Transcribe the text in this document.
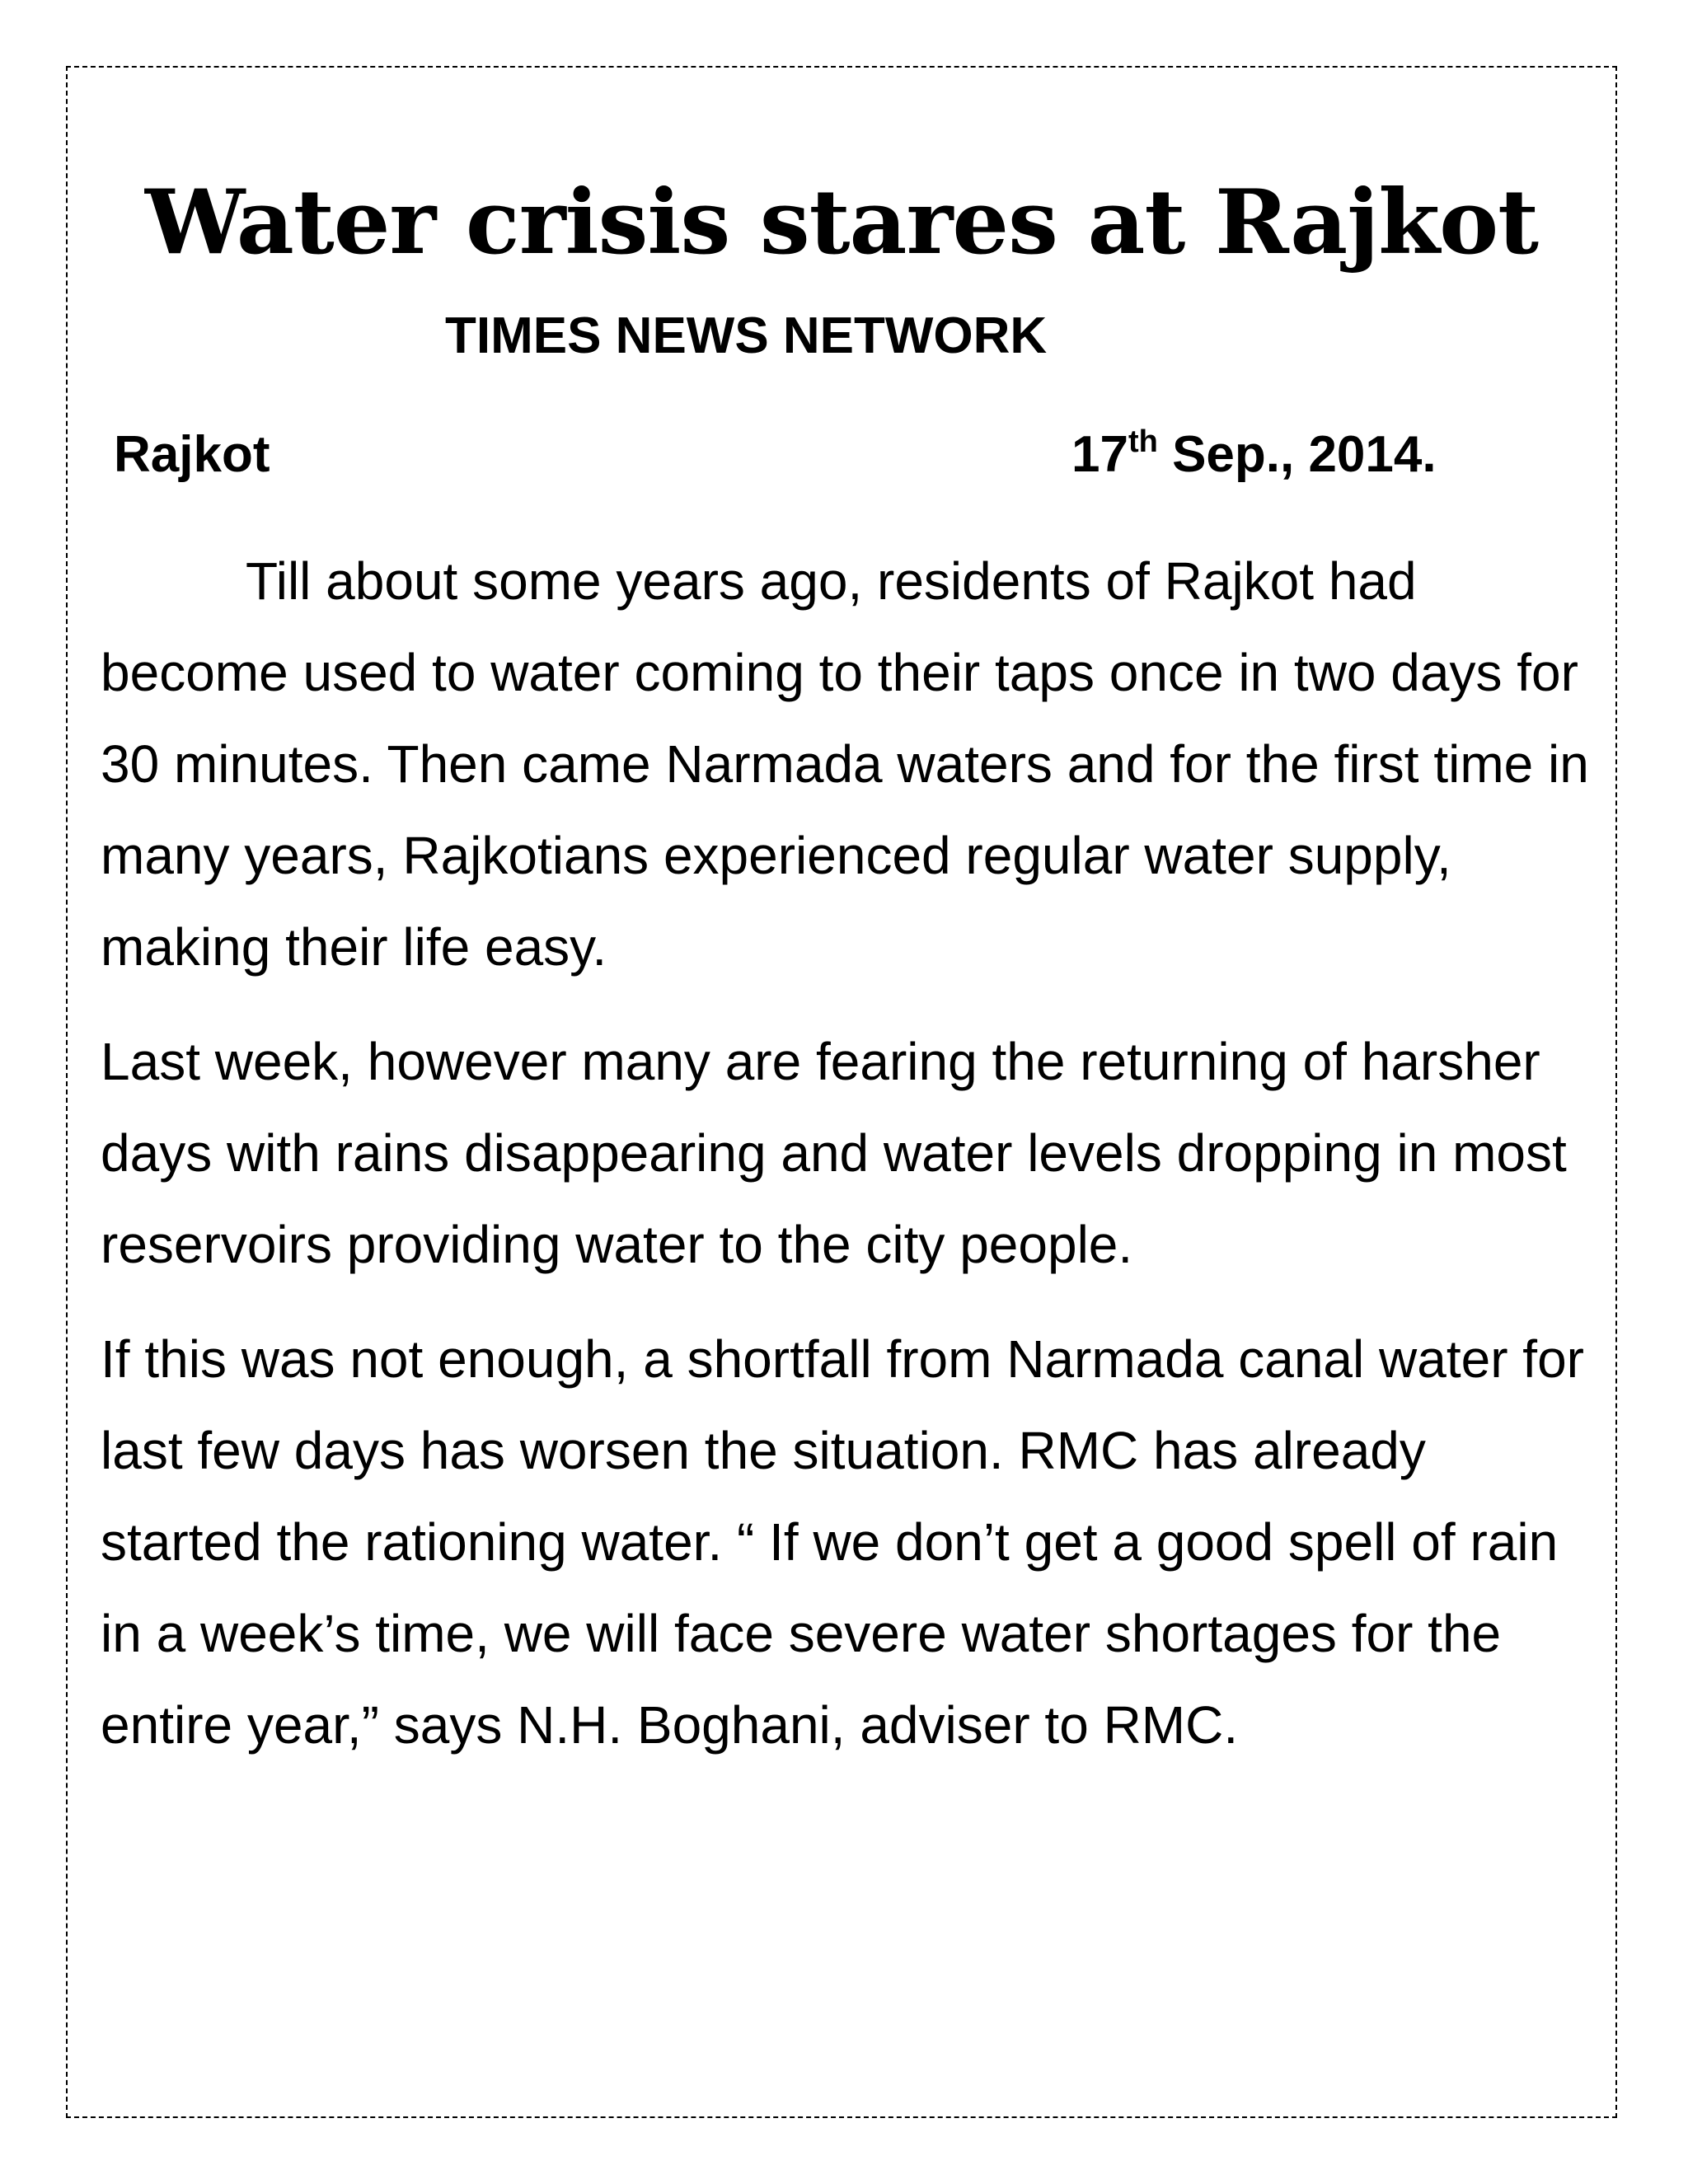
Water crisis stares at Rajkot
TIMES NEWS NETWORK
Rajkot	17th Sep., 2014.

Till about some years ago, residents of Rajkot had become used to water coming to their taps once in two days for 30 minutes. Then came Narmada waters and for the first time in many years, Rajkotians experienced regular water supply, making their life easy.

Last week, however many are fearing the returning of harsher days with rains disappearing and water levels dropping in most reservoirs providing water to the city people.

If this was not enough, a shortfall from Narmada canal water for last few days has worsen the situation. RMC has already started the rationing water. “ If we don’t get a good spell of rain in a week’s time, we will face severe water shortages for the entire year,” says N.H. Boghani, adviser to RMC.
